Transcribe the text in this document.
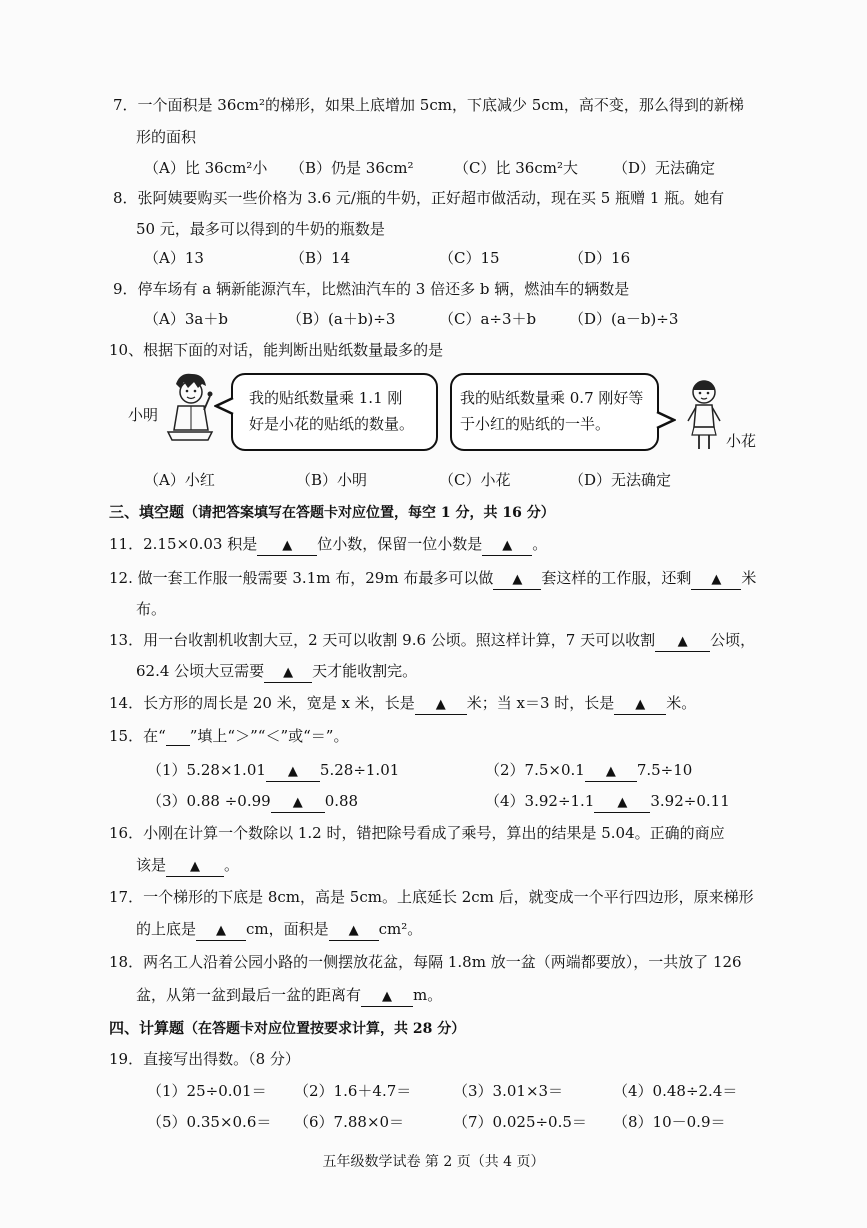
7．一个面积是 36cm²的梯形，如果上底增加 5cm，下底减少 5cm，高不变，那么得到的新梯
形的面积
（A）比 36cm²小 （B）仍是 36cm²	（C）比 36cm²大 （D）无法确定
8．张阿姨要购买一些价格为 3.6 元/瓶的牛奶，正好超市做活动，现在买 5 瓶赠 1 瓶。她有
50 元，最多可以得到的牛奶的瓶数是
（A）13	（B）14	（C）15	（D）16
9．停车场有 a 辆新能源汽车，比燃油汽车的 3 倍还多 b 辆，燃油车的辆数是
（A）3a＋b	（B）(a＋b)÷3	（C）a÷3＋b （D）(a－b)÷3
10、根据下面的对话，能判断出贴纸数量最多的是
小明
我的贴纸数量乘 1.1 刚
好是小花的贴纸的数量。
我的贴纸数量乘 0.7 刚好等
于小红的贴纸的一半。
小花
（A）小红	（B）小明	（C）小花	（D）无法确定
三、填空题（请把答案填写在答题卡对应位置，每空 1 分，共 16 分）
11．2.15×0.03 积是 ▲ 位小数，保留一位小数是 ▲ 。
12. 做一套工作服一般需要 3.1m 布，29m 布最多可以做 ▲ 套这样的工作服，还剩 ▲ 米
布。
13．用一台收割机收割大豆，2 天可以收割 9.6 公顷。照这样计算，7 天可以收割 ▲ 公顷，
62.4 公顷大豆需要 ▲ 天才能收割完。
14．长方形的周长是 20 米，宽是 x 米，长是 ▲ 米；当 x＝3 时，长是 ▲ 米。
15．在“ ”填上“＞”“＜”或“＝”。
（1）5.28×1.01 ▲ 5.28÷1.01	（2）7.5×0.1 ▲ 7.5÷10
（3）0.88 ÷0.99 ▲ 0.88	（4）3.92÷1.1 ▲ 3.92÷0.11
16．小刚在计算一个数除以 1.2 时，错把除号看成了乘号，算出的结果是 5.04。正确的商应
该是 ▲ 。
17．一个梯形的下底是 8cm，高是 5cm。上底延长 2cm 后，就变成一个平行四边形，原来梯形
的上底是 ▲ cm，面积是 ▲ cm²。
18．两名工人沿着公园小路的一侧摆放花盆，每隔 1.8m 放一盆（两端都要放），一共放了 126
盆，从第一盆到最后一盆的距离有 ▲ m。
四、计算题（在答题卡对应位置按要求计算，共 28 分）
19．直接写出得数。（8 分）
（1）25÷0.01＝ （2）1.6＋4.7＝	（3）3.01×3＝	（4）0.48÷2.4＝
（5）0.35×0.6＝ （6）7.88×0＝	（7）0.025÷0.5＝ （8）10－0.9＝
五年级数学试卷 第 2 页（共 4 页）
